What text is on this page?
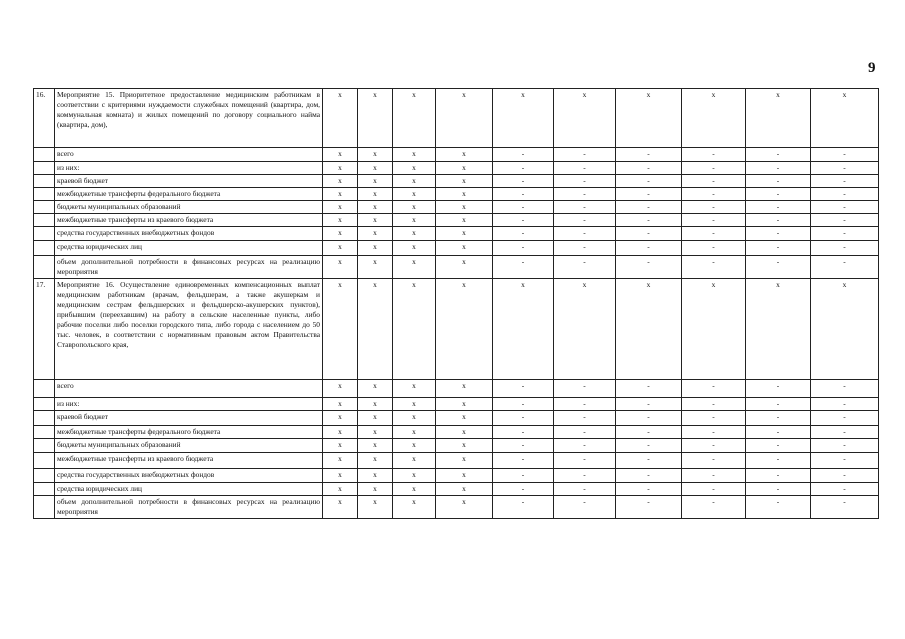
9
16.	Мероприятие 15. Приоритетное предоставление медицинским работникам в соответствии с критериями нуждаемости служебных помещений (квартира, дом, коммунальная комната) и жилых помещений по договору социального найма (квартира, дом),	x	x	x	x	x	x	x	x	x	x
	всего	x	x	x	x	-	-	-	-	-	-
	из них:	x	x	x	x	-	-	-	-	-	-
	краевой бюджет	x	x	x	x	-	-	-	-	-	-
	межбюджетные трансферты федерального бюджета	x	x	x	x	-	-	-	-	-	-
	бюджеты муниципальных образований	x	x	x	x	-	-	-	-	-	-
	межбюджетные трансферты из краевого бюджета	x	x	x	x	-	-	-	-	-	-
	средства государственных внебюджетных фондов	x	x	x	x	-	-	-	-	-	-
	средства юридических лиц	x	x	x	x	-	-	-	-	-	-
	объем дополнительной потребности в финансовых ресурсах на реализацию мероприятия	x	x	x	x	-	-	-	-	-	-
17.	Мероприятие 16. Осуществление единовременных компенсационных выплат медицинским работникам (врачам, фельдшерам, а также акушеркам и медицинским сестрам фельдшерских и фельдшерско-акушерских пунктов), прибывшим (переехавшим) на работу в сельские населенные пункты, либо рабочие поселки либо поселки городского типа, либо города с населением до 50 тыс. человек, в соответствии с нормативным правовым актом Правительства Ставропольского края,	x	x	x	x	x	x	x	x	x	x
	всего	x	x	x	x	-	-	-	-	-	-
	из них:	x	x	x	x	-	-	-	-	-	-
	краевой бюджет	x	x	x	x	-	-	-	-	-	-
	межбюджетные трансферты федерального бюджета	x	x	x	x	-	-	-	-	-	-
	бюджеты муниципальных образований	x	x	x	x	-	-	-	-	-	-
	межбюджетные трансферты из краевого бюджета	x	x	x	x	-	-	-	-	-	-
	средства государственных внебюджетных фондов	x	x	x	x	-	-	-	-	-	-
	средства юридических лиц	x	x	x	x	-	-	-	-	-	-
	объем дополнительной потребности в финансовых ресурсах на реализацию мероприятия	x	x	x	x	-	-	-	-	-	-
